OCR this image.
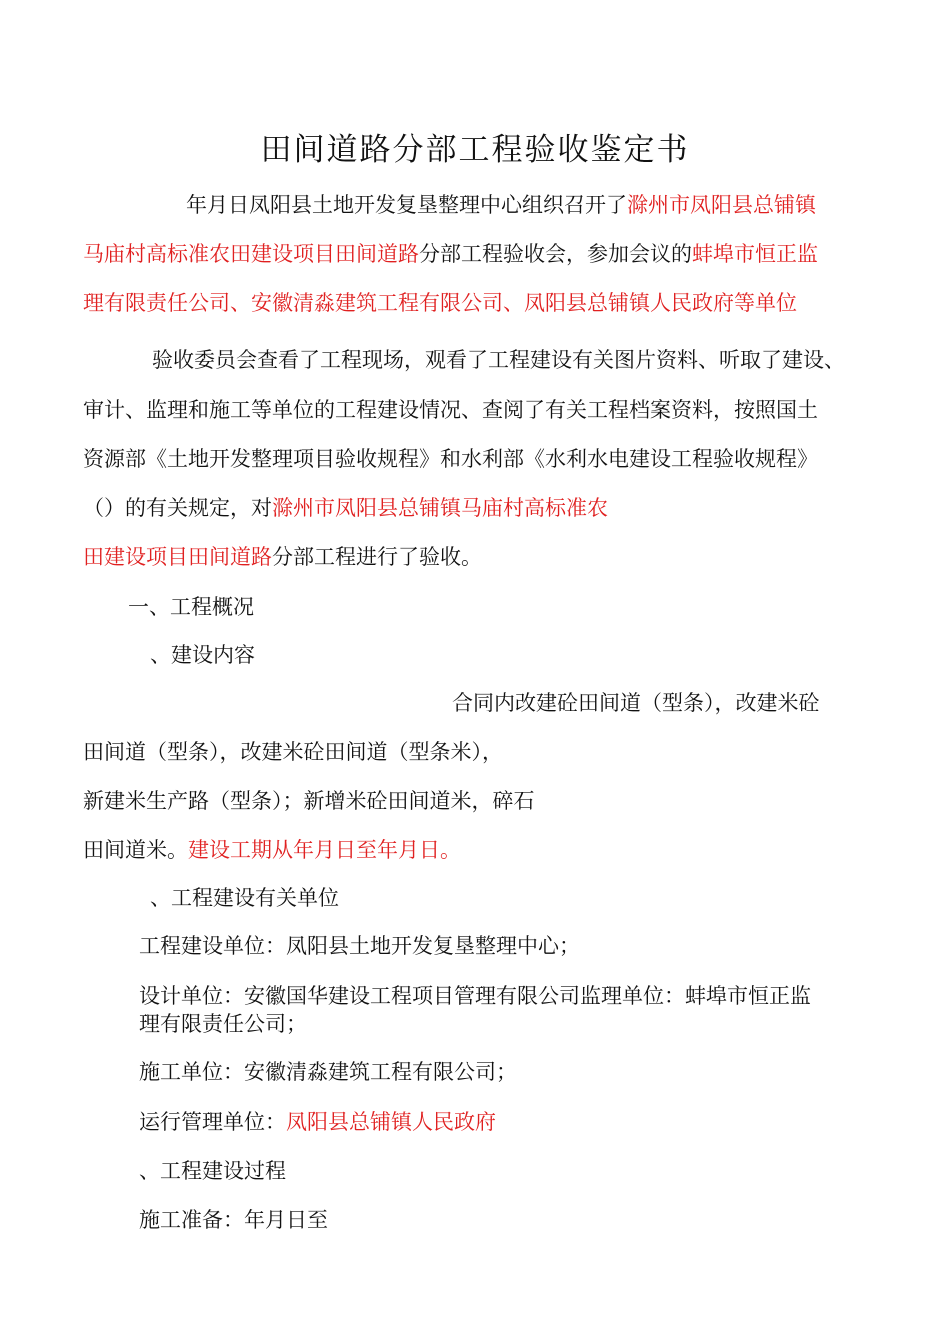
田间道路分部工程验收鉴定书
年月日凤阳县土地开发复垦整理中心组织召开了滁州市凤阳县总铺镇
马庙村高标准农田建设项目田间道路分部工程验收会，参加会议的蚌埠市恒正监
理有限责任公司、安徽清淼建筑工程有限公司、凤阳县总铺镇人民政府等单位
验收委员会查看了工程现场，观看了工程建设有关图片资料、听取了建设、
审计、监理和施工等单位的工程建设情况、查阅了有关工程档案资料，按照国土
资源部《土地开发整理项目验收规程》和水利部《水利水电建设工程验收规程》
（）的有关规定，对滁州市凤阳县总铺镇马庙村高标准农
田建设项目田间道路分部工程进行了验收。
一、工程概况
、建设内容
合同内改建砼田间道（型条），改建米砼
田间道（型条），改建米砼田间道（型条米），
新建米生产路（型条）；新增米砼田间道米，碎石
田间道米。建设工期从年月日至年月日。
、工程建设有关单位
工程建设单位：凤阳县土地开发复垦整理中心；
设计单位：安徽国华建设工程项目管理有限公司监理单位：蚌埠市恒正监
理有限责任公司；
施工单位：安徽清淼建筑工程有限公司；
运行管理单位：凤阳县总铺镇人民政府
、工程建设过程
施工准备：年月日至
